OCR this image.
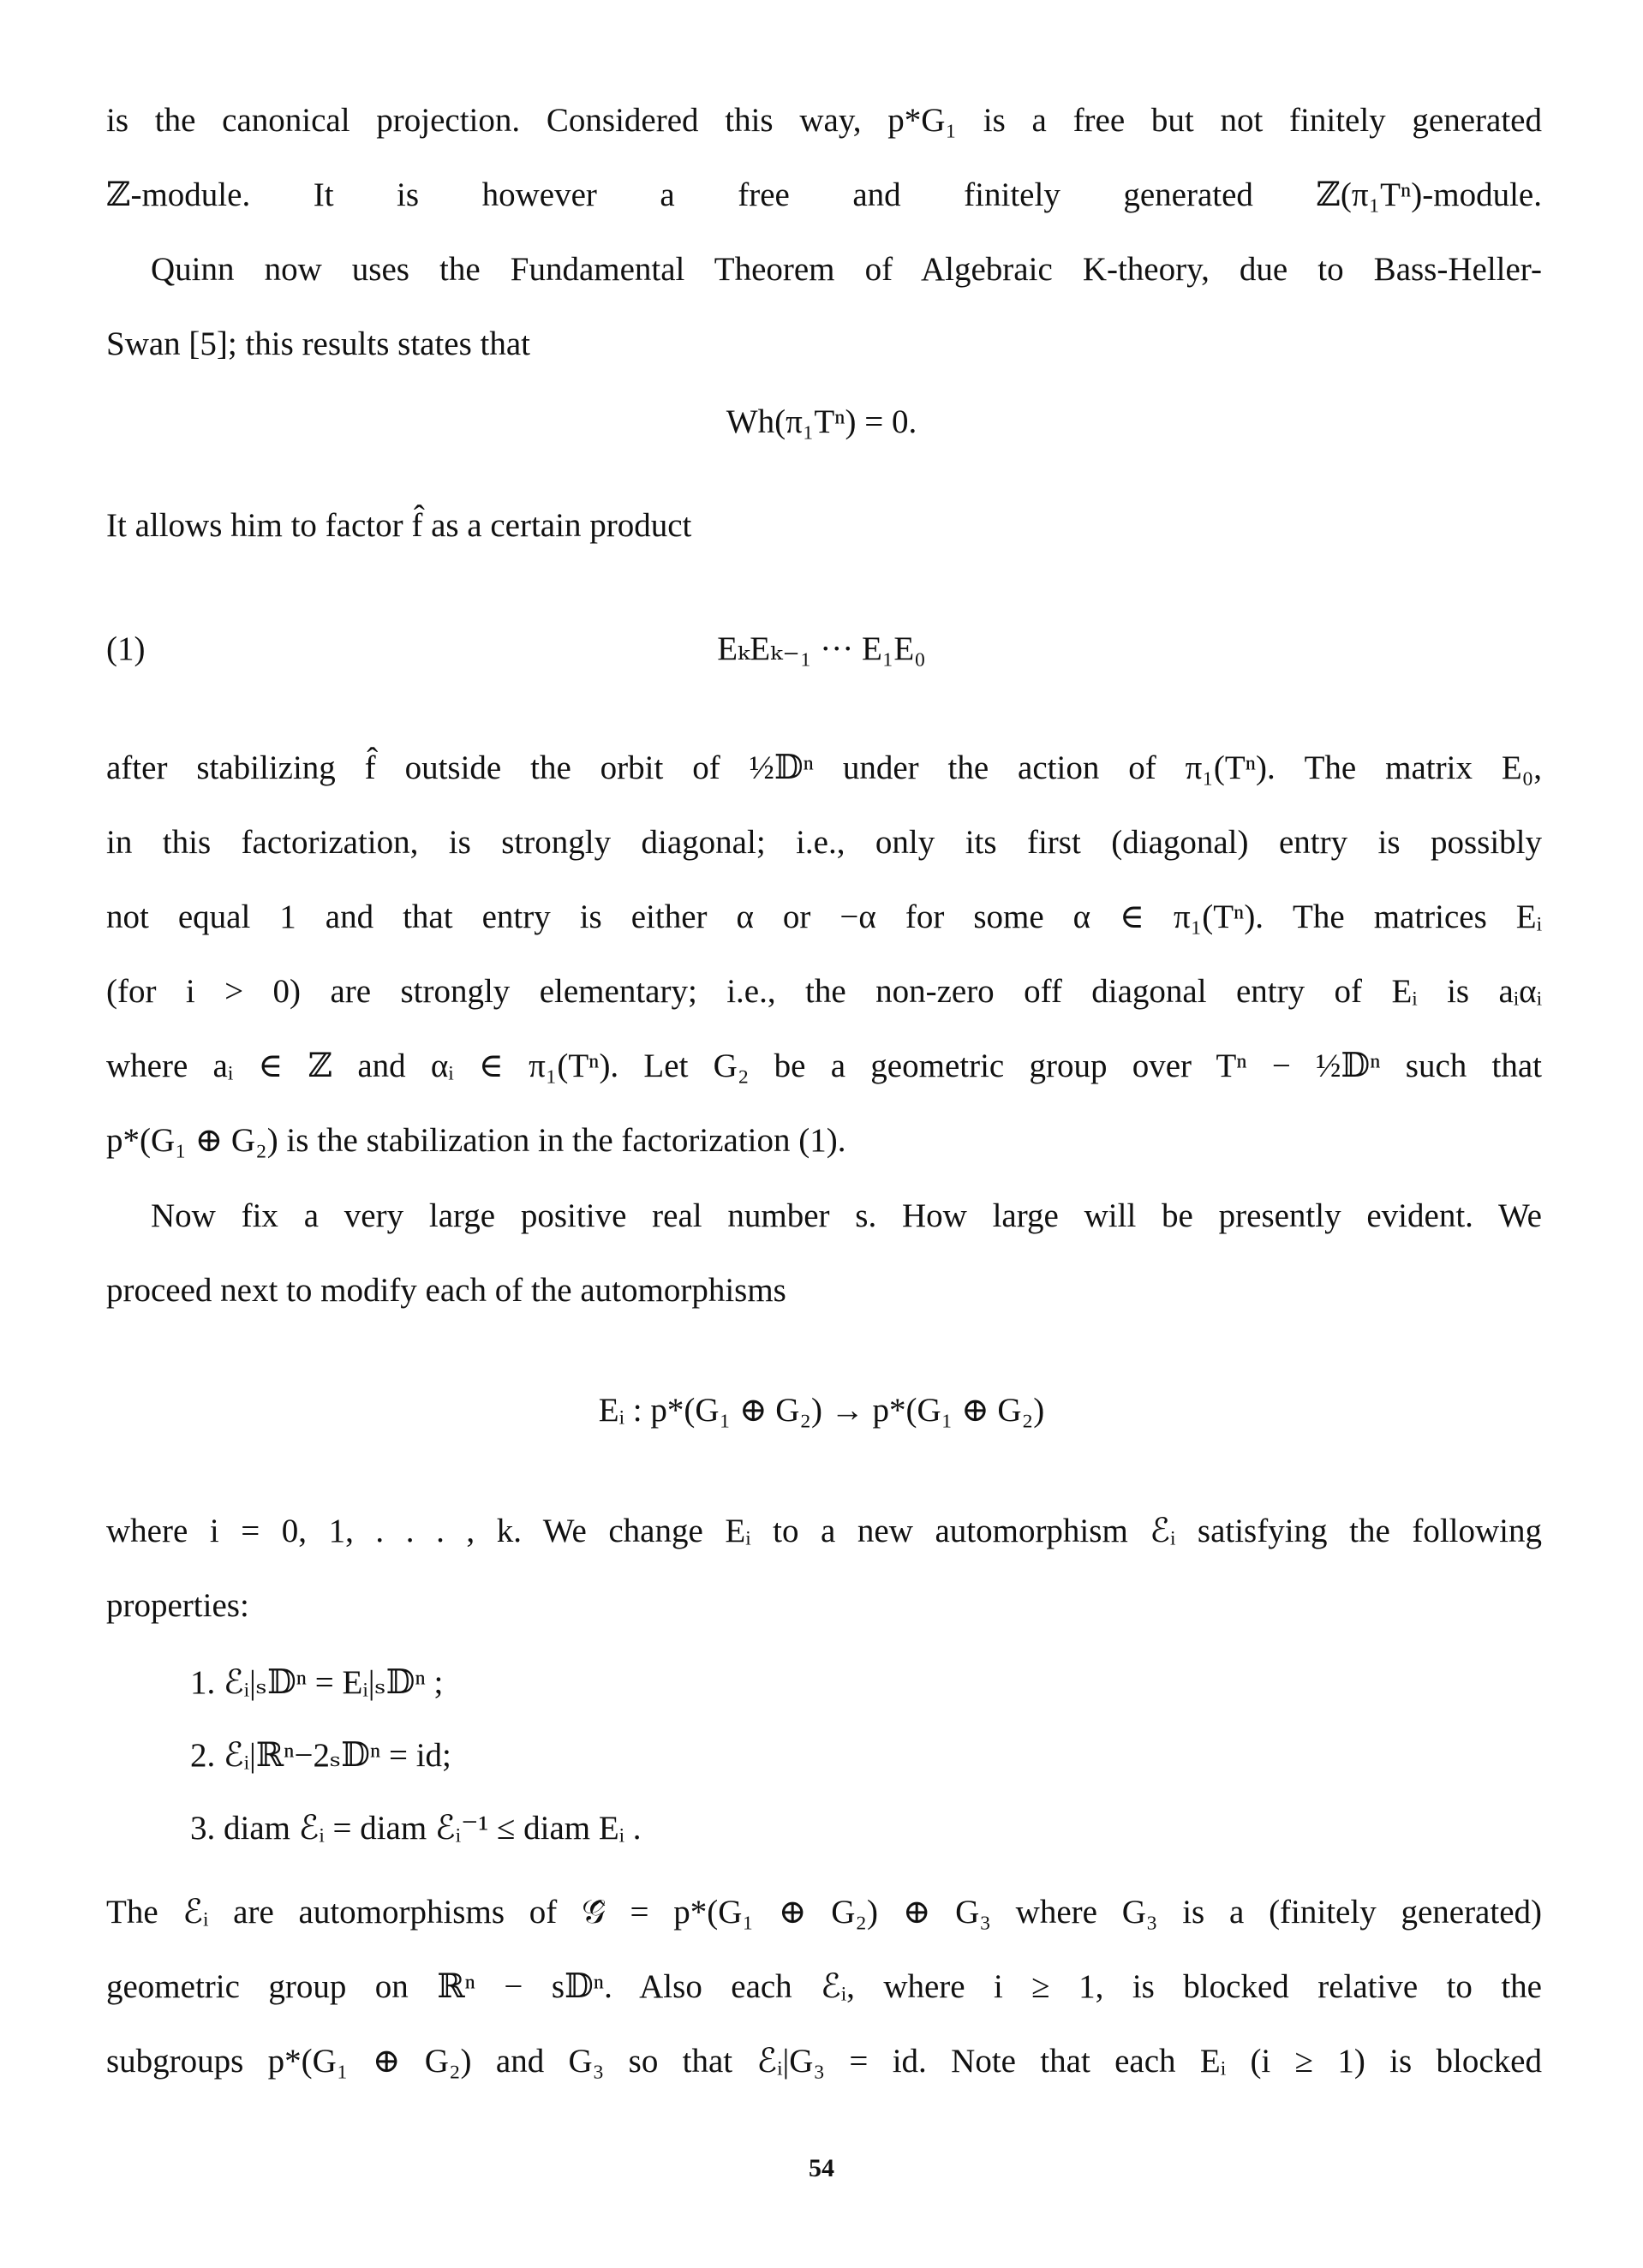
is the canonical projection. Considered this way, p*G₁ is a free but not finitely generated
ℤ-module. It is however a free and finitely generated ℤ(π₁Tⁿ)-module.
Quinn now uses the Fundamental Theorem of Algebraic K-theory, due to Bass-Heller-
Swan [5]; this results states that
Wh(π₁Tⁿ) = 0.
It allows him to factor f̂ as a certain product
(1)	EₖEₖ₋₁ ··· E₁E₀
after stabilizing f̂ outside the orbit of ½𝔻ⁿ under the action of π₁(Tⁿ). The matrix E₀,
in this factorization, is strongly diagonal; i.e., only its first (diagonal) entry is possibly
not equal 1 and that entry is either α or −α for some α ∈ π₁(Tⁿ). The matrices Eᵢ
(for i > 0) are strongly elementary; i.e., the non-zero off diagonal entry of Eᵢ is aᵢαᵢ
where aᵢ ∈ ℤ and αᵢ ∈ π₁(Tⁿ). Let G₂ be a geometric group over Tⁿ − ½𝔻ⁿ such that
p*(G₁ ⊕ G₂) is the stabilization in the factorization (1).
Now fix a very large positive real number s. How large will be presently evident. We
proceed next to modify each of the automorphisms
Eᵢ : p*(G₁ ⊕ G₂) → p*(G₁ ⊕ G₂)
where i = 0, 1, . . . , k. We change Eᵢ to a new automorphism ℰᵢ satisfying the following
properties:
1. ℰᵢ|ₛ𝔻ⁿ = Eᵢ|ₛ𝔻ⁿ ;
2. ℰᵢ|ℝⁿ−2ₛ𝔻ⁿ = id;
3. diam ℰᵢ = diam ℰᵢ⁻¹ ≤ diam Eᵢ .
The ℰᵢ are automorphisms of 𝒢̂ = p*(G₁ ⊕ G₂) ⊕ G₃ where G₃ is a (finitely generated)
geometric group on ℝⁿ − s𝔻ⁿ. Also each ℰᵢ, where i ≥ 1, is blocked relative to the
subgroups p*(G₁ ⊕ G₂) and G₃ so that ℰᵢ|G₃ = id. Note that each Eᵢ (i ≥ 1) is blocked
54
